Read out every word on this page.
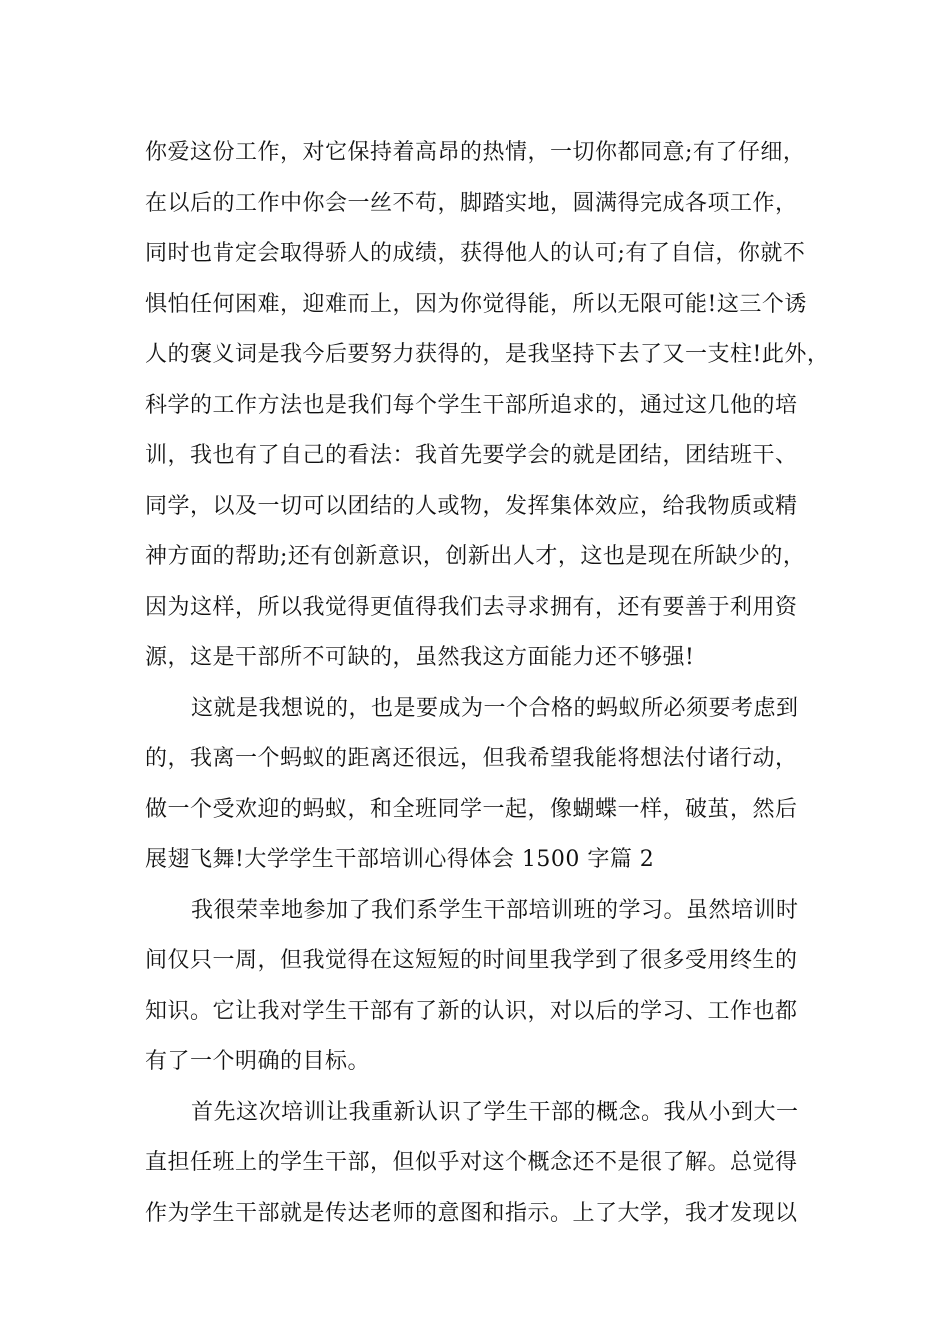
你爱这份工作，对它保持着高昂的热情，一切你都同意;有了仔细，
在以后的工作中你会一丝不苟，脚踏实地，圆满得完成各项工作，
同时也肯定会取得骄人的成绩，获得他人的认可;有了自信，你就不
惧怕任何困难，迎难而上，因为你觉得能，所以无限可能!这三个诱
人的褒义词是我今后要努力获得的，是我坚持下去了又一支柱!此外，
科学的工作方法也是我们每个学生干部所追求的，通过这几他的培
训，我也有了自己的看法：我首先要学会的就是团结，团结班干、
同学，以及一切可以团结的人或物，发挥集体效应，给我物质或精
神方面的帮助;还有创新意识，创新出人才，这也是现在所缺少的，
因为这样，所以我觉得更值得我们去寻求拥有，还有要善于利用资
源，这是干部所不可缺的，虽然我这方面能力还不够强!
这就是我想说的，也是要成为一个合格的蚂蚁所必须要考虑到
的，我离一个蚂蚁的距离还很远，但我希望我能将想法付诸行动，
做一个受欢迎的蚂蚁，和全班同学一起，像蝴蝶一样，破茧，然后
展翅飞舞!大学学生干部培训心得体会 1500 字篇 2
我很荣幸地参加了我们系学生干部培训班的学习。虽然培训时
间仅只一周，但我觉得在这短短的时间里我学到了很多受用终生的
知识。它让我对学生干部有了新的认识，对以后的学习、工作也都
有了一个明确的目标。
首先这次培训让我重新认识了学生干部的概念。我从小到大一
直担任班上的学生干部，但似乎对这个概念还不是很了解。总觉得
作为学生干部就是传达老师的意图和指示。上了大学，我才发现以
